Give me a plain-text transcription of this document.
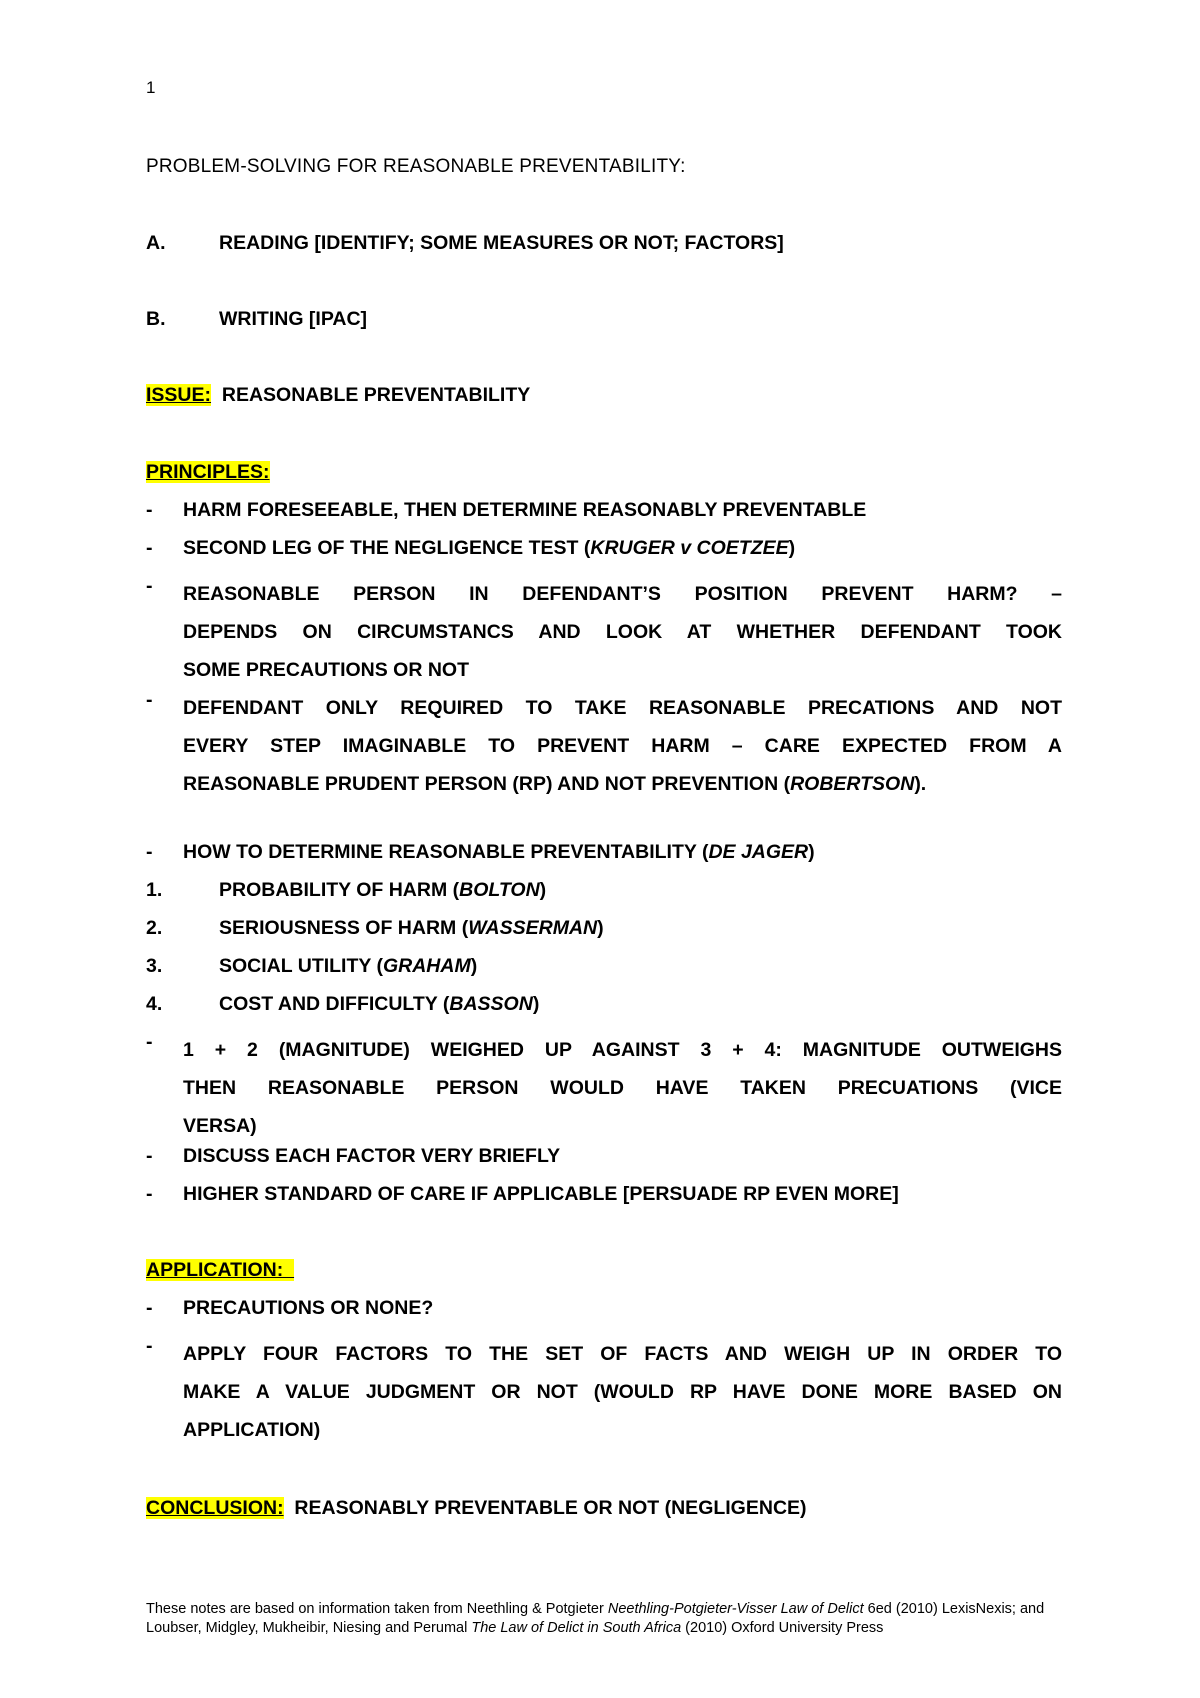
1
PROBLEM-SOLVING FOR REASONABLE PREVENTABILITY:
A.	READING [IDENTIFY; SOME MEASURES OR NOT; FACTORS]
B.	WRITING [IPAC]
ISSUE: REASONABLE PREVENTABILITY
PRINCIPLES:
- HARM FORESEEABLE, THEN DETERMINE REASONABLY PREVENTABLE
- SECOND LEG OF THE NEGLIGENCE TEST (KRUGER v COETZEE)
- REASONABLE PERSON IN DEFENDANT’S POSITION PREVENT HARM? –
DEPENDS ON CIRCUMSTANCS AND LOOK AT WHETHER DEFENDANT TOOK
SOME PRECAUTIONS OR NOT
- DEFENDANT ONLY REQUIRED TO TAKE REASONABLE PRECATIONS AND NOT
EVERY STEP IMAGINABLE TO PREVENT HARM – CARE EXPECTED FROM A
REASONABLE PRUDENT PERSON (RP) AND NOT PREVENTION (ROBERTSON).
- HOW TO DETERMINE REASONABLE PREVENTABILITY (DE JAGER)
1.	PROBABILITY OF HARM (BOLTON)
2.	SERIOUSNESS OF HARM (WASSERMAN)
3.	SOCIAL UTILITY (GRAHAM)
4.	COST AND DIFFICULTY (BASSON)
- 1 + 2 (MAGNITUDE) WEIGHED UP AGAINST 3 + 4: MAGNITUDE OUTWEIGHS
THEN REASONABLE PERSON WOULD HAVE TAKEN PRECUATIONS (VICE
VERSA)
- DISCUSS EACH FACTOR VERY BRIEFLY
- HIGHER STANDARD OF CARE IF APPLICABLE [PERSUADE RP EVEN MORE]
APPLICATION:
- PRECAUTIONS OR NONE?
- APPLY FOUR FACTORS TO THE SET OF FACTS AND WEIGH UP IN ORDER TO
MAKE A VALUE JUDGMENT OR NOT (WOULD RP HAVE DONE MORE BASED ON
APPLICATION)
CONCLUSION: REASONABLY PREVENTABLE OR NOT (NEGLIGENCE)
These notes are based on information taken from Neethling & Potgieter Neethling-Potgieter-Visser Law of Delict 6ed (2010) LexisNexis; and Loubser, Midgley, Mukheibir, Niesing and Perumal The Law of Delict in South Africa (2010) Oxford University Press
